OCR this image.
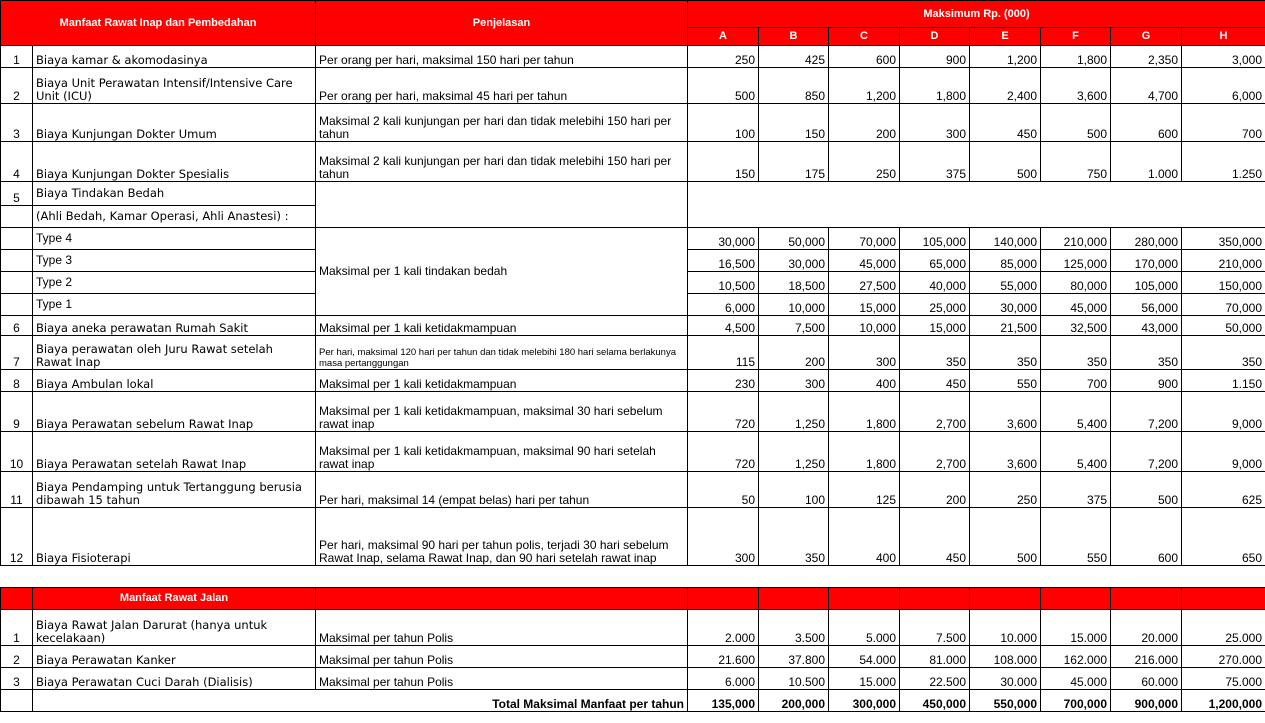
Manfaat Rawat Inap dan Pembedahan		Penjelasan	Maksimum Rp. (000)							
			A	B	C	D	E	F	G	H
1	Biaya kamar & akomodasinya	Per orang per hari, maksimal 150 hari per tahun	250	425	600	900	1,200	1,800	2,350	3,000
2	Biaya Unit Perawatan Intensif/Intensive Care Unit (ICU)	Per orang per hari, maksimal 45 hari per tahun	500	850	1,200	1,800	2,400	3,600	4,700	6,000
3	Biaya Kunjungan Dokter Umum	Maksimal 2 kali kunjungan per hari dan tidak melebihi 150 hari per tahun	100	150	200	300	450	500	600	700
4	Biaya Kunjungan Dokter Spesialis	Maksimal 2 kali kunjungan per hari dan tidak melebihi 150 hari per tahun	150	175	250	375	500	750	1.000	1.250
5	Biaya Tindakan Bedah									
	(Ahli Bedah, Kamar Operasi, Ahli Anastesi) :									
	Type 4	Maksimal per 1 kali tindakan bedah	30,000	50,000	70,000	105,000	140,000	210,000	280,000	350,000
	Type 3		16,500	30,000	45,000	65,000	85,000	125,000	170,000	210,000
	Type 2		10,500	18,500	27,500	40,000	55,000	80,000	105,000	150,000
	Type 1		6,000	10,000	15,000	25,000	30,000	45,000	56,000	70,000
6	Biaya aneka perawatan Rumah Sakit	Maksimal per 1 kali ketidakmampuan	4,500	7,500	10,000	15,000	21,500	32,500	43,000	50,000
7	Biaya perawatan oleh Juru Rawat setelah Rawat Inap	Per hari, maksimal 120 hari per tahun dan tidak melebihi 180 hari selama berlakunya masa pertanggungan	115	200	300	350	350	350	350	350
8	Biaya Ambulan lokal	Maksimal per 1 kali ketidakmampuan	230	300	400	450	550	700	900	1.150
9	Biaya Perawatan sebelum Rawat Inap	Maksimal per 1 kali ketidakmampuan, maksimal 30 hari sebelum rawat inap	720	1,250	1,800	2,700	3,600	5,400	7,200	9,000
10	Biaya Perawatan setelah Rawat Inap	Maksimal per 1 kali ketidakmampuan, maksimal 90 hari setelah rawat inap	720	1,250	1,800	2,700	3,600	5,400	7,200	9,000
11	Biaya Pendamping untuk Tertanggung berusia dibawah 15 tahun	Per hari, maksimal 14 (empat belas) hari per tahun	50	100	125	200	250	375	500	625
12	Biaya Fisioterapi	Per hari, maksimal 90 hari per tahun polis, terjadi 30 hari sebelum Rawat Inap, selama Rawat Inap, dan 90 hari setelah rawat inap	300	350	400	450	500	550	600	650

	Manfaat Rawat Jalan									
1	Biaya Rawat Jalan Darurat (hanya untuk kecelakaan)	Maksimal per tahun Polis	2.000	3.500	5.000	7.500	10.000	15.000	20.000	25.000
2	Biaya Perawatan Kanker	Maksimal per tahun Polis	21.600	37.800	54.000	81.000	108.000	162.000	216.000	270.000
3	Biaya Perawatan Cuci Darah (Dialisis)	Maksimal per tahun Polis	6.000	10.500	15.000	22.500	30.000	45.000	60.000	75.000
	Total Maksimal Manfaat per tahun		135,000	200,000	300,000	450,000	550,000	700,000	900,000	1,200,000
